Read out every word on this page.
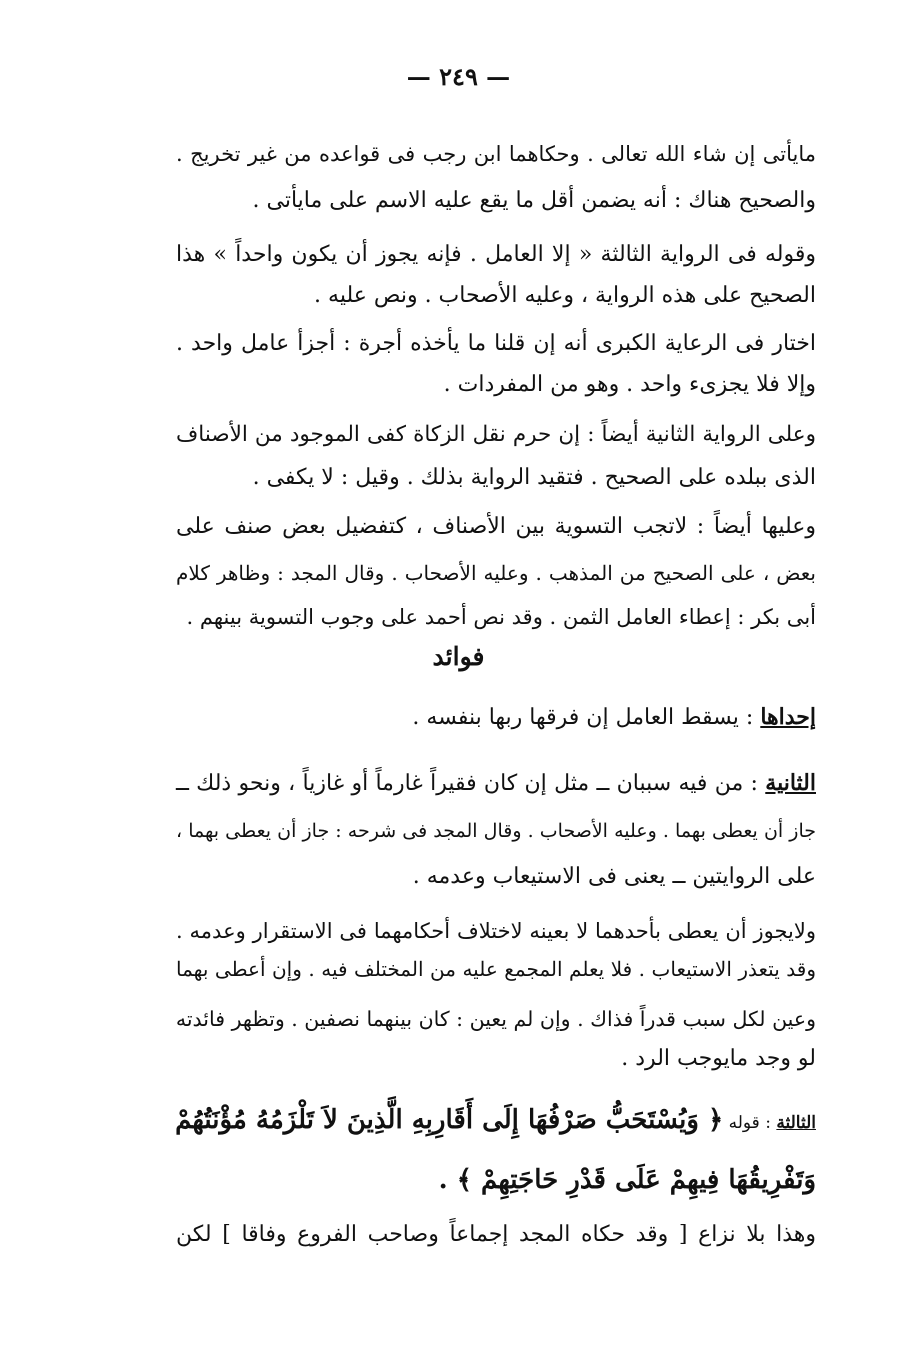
— ٢٤٩ —
مايأتى إن شاء الله تعالى . وحكاهما ابن رجب فى قواعده من غير تخريج .
والصحيح هناك : أنه يضمن أقل ما يقع عليه الاسم على مايأتى .
وقوله فى الرواية الثالثة « إلا العامل . فإنه يجوز أن يكون واحداً » هذا
الصحيح على هذه الرواية ، وعليه الأصحاب . ونص عليه .
اختار فى الرعاية الكبرى أنه إن قلنا ما يأخذه أجرة : أجزأ عامل واحد .
وإلا فلا يجزىء واحد . وهو من المفردات .
وعلى الرواية الثانية أيضاً : إن حرم نقل الزكاة كفى الموجود من الأصناف
الذى ببلده على الصحيح . فتقيد الرواية بذلك . وقيل : لا يكفى .
وعليها أيضاً : لاتجب التسوية بين الأصناف ، كتفضيل بعض صنف على
بعض ، على الصحيح من المذهب . وعليه الأصحاب . وقال المجد : وظاهر كلام
أبى بكر : إعطاء العامل الثمن . وقد نص أحمد على وجوب التسوية بينهم .
فوائد
إحداها : يسقط العامل إن فرقها ربها بنفسه .
الثانية : من فيه سببان ــ مثل إن كان فقيراً غارماً أو غازياً ، ونحو ذلك ــ
جاز أن يعطى بهما . وعليه الأصحاب . وقال المجد فى شرحه : جاز أن يعطى بهما ،
على الروايتين ــ يعنى فى الاستيعاب وعدمه .
ولايجوز أن يعطى بأحدهما لا بعينه لاختلاف أحكامهما فى الاستقرار وعدمه .
وقد يتعذر الاستيعاب . فلا يعلم المجمع عليه من المختلف فيه . وإن أعطى بهما
وعين لكل سبب قدراً فذاك . وإن لم يعين : كان بينهما نصفين . وتظهر فائدته
لو وجد مايوجب الرد .
الثالثة : قوله ﴿ وَيُسْتَحَبُّ صَرْفُهَا إِلَى أَقَارِبِهِ الَّذِينَ لاَ تَلْزَمُهُ مُؤْنَتُهُمْ
وَتَفْرِيقُهَا فِيهِمْ عَلَى قَدْرِ حَاجَتِهِمْ ﴾ .
وهذا بلا نزاع [ وقد حكاه المجد إجماعاً وصاحب الفروع وفاقا ] لكن
